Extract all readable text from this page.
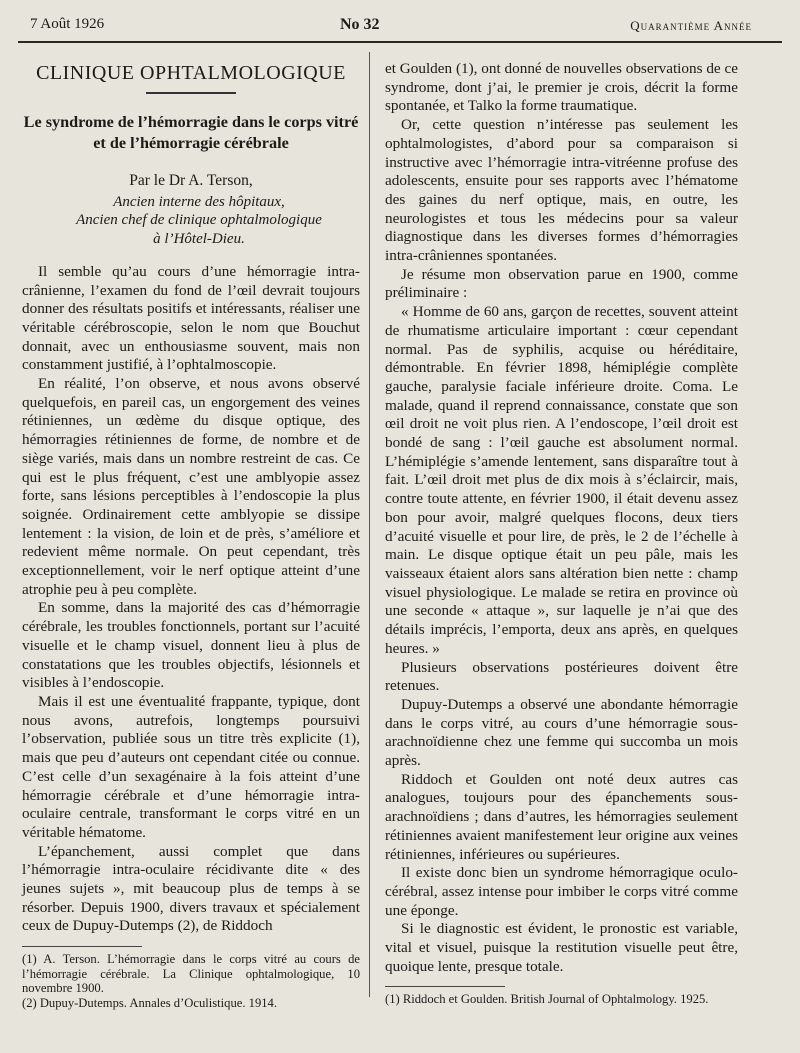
7 Août 1926	No 32	Quarantième Année
CLINIQUE OPHTALMOLOGIQUE
Le syndrome de l’hémorragie dans le corps vitré et de l’hémorragie cérébrale
Par le Dr A. Terson,

Ancien interne des hôpitaux,

Ancien chef de clinique ophtalmologique

à l’Hôtel-Dieu.

Il semble qu’au cours d’une hémorragie intra-crânienne, l’examen du fond de l’œil devrait toujours donner des résultats positifs et intéressants, réaliser une véritable cérébroscopie, selon le nom que Bouchut donnait, avec un enthousiasme souvent, mais non constamment justifié, à l’ophtalmoscopie.

En réalité, l’on observe, et nous avons observé quelquefois, en pareil cas, un engorgement des veines rétiniennes, un œdème du disque optique, des hémorragies rétiniennes de forme, de nombre et de siège variés, mais dans un nombre restreint de cas. Ce qui est le plus fréquent, c’est une amblyopie assez forte, sans lésions perceptibles à l’endoscopie la plus soignée. Ordinairement cette amblyopie se dissipe lentement : la vision, de loin et de près, s’améliore et redevient même normale. On peut cependant, très exceptionnellement, voir le nerf optique atteint d’une atrophie peu à peu complète.

En somme, dans la majorité des cas d’hémorragie cérébrale, les troubles fonctionnels, portant sur l’acuité visuelle et le champ visuel, donnent lieu à plus de constatations que les troubles objectifs, lésionnels et visibles à l’endoscopie.

Mais il est une éventualité frappante, typique, dont nous avons, autrefois, longtemps poursuivi l’observation, publiée sous un titre très explicite (1), mais que peu d’auteurs ont cependant citée ou connue. C’est celle d’un sexagénaire à la fois atteint d’une hémorragie cérébrale et d’une hémorragie intra-oculaire centrale, transformant le corps vitré en un véritable hématome.

L’épanchement, aussi complet que dans l’hémorragie intra-oculaire récidivante dite « des jeunes sujets », mit beaucoup plus de temps à se résorber. Depuis 1900, divers travaux et spécialement ceux de Dupuy-Dutemps (2), de Riddoch

(1) A. Terson. L’hémorragie dans le corps vitré au cours de l’hémorragie cérébrale. La Clinique ophtalmologique, 10 novembre 1900.

(2) Dupuy-Dutemps. Annales d’Oculistique. 1914.

et Goulden (1), ont donné de nouvelles observations de ce syndrome, dont j’ai, le premier je crois, décrit la forme spontanée, et Talko la forme traumatique.

Or, cette question n’intéresse pas seulement les ophtalmologistes, d’abord pour sa comparaison si instructive avec l’hémorragie intra-vitréenne profuse des adolescents, ensuite pour ses rapports avec l’hématome des gaines du nerf optique, mais, en outre, les neurologistes et tous les médecins pour sa valeur diagnostique dans les diverses formes d’hémorragies intra-crâniennes spontanées.

Je résume mon observation parue en 1900, comme préliminaire :

« Homme de 60 ans, garçon de recettes, souvent atteint de rhumatisme articulaire important : cœur cependant normal. Pas de syphilis, acquise ou héréditaire, démontrable. En février 1898, hémiplégie complète gauche, paralysie faciale inférieure droite. Coma. Le malade, quand il reprend connaissance, constate que son œil droit ne voit plus rien. A l’endoscope, l’œil droit est bondé de sang : l’œil gauche est absolument normal. L’hémiplégie s’amende lentement, sans disparaître tout à fait. L’œil droit met plus de dix mois à s’éclaircir, mais, contre toute attente, en février 1900, il était devenu assez bon pour avoir, malgré quelques flocons, deux tiers d’acuité visuelle et pour lire, de près, le 2 de l’échelle à main. Le disque optique était un peu pâle, mais les vaisseaux étaient alors sans altération bien nette : champ visuel physiologique. Le malade se retira en province où une seconde « attaque », sur laquelle je n’ai que des détails imprécis, l’emporta, deux ans après, en quelques heures. »

Plusieurs observations postérieures doivent être retenues.

Dupuy-Dutemps a observé une abondante hémorragie dans le corps vitré, au cours d’une hémorragie sous-arachnoïdienne chez une femme qui succomba un mois après.

Riddoch et Goulden ont noté deux autres cas analogues, toujours pour des épanchements sous-arachnoïdiens ; dans d’autres, les hémorragies seulement rétiniennes avaient manifestement leur origine aux veines rétiniennes, inférieures ou supérieures.

Il existe donc bien un syndrome hémorragique oculo-cérébral, assez intense pour imbiber le corps vitré comme une éponge.

Si le diagnostic est évident, le pronostic est variable, vital et visuel, puisque la restitution visuelle peut être, quoique lente, presque totale.

(1) Riddoch et Goulden. British Journal of Ophtalmology. 1925.
